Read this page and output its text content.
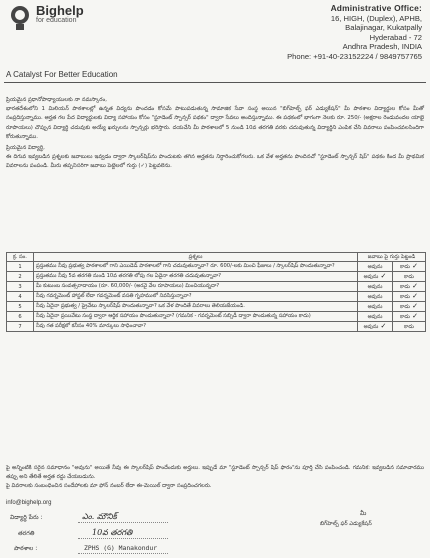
Bighelp
for education
Administrative Office:
16, HIGH, (Duplex), APHB,
Balajinagar, Kukatpally
Hyderabad - 72
Andhra Pradesh, INDIA
Phone: +91-40-23152224 / 9849757765
A Catalyst For Better Education

ప్రియమైన ప్రధానోపాధ్యాయులకు నా నమస్కారం,

భారతదేశంలోని 1 మిలియన్ పాఠశాలల్లో ఉన్నత విద్యను పొందడం కోసమే పాటుపడుతున్న సామాజిక సేవా సంస్థ అయిన "బిగ్‌హెల్ప్ ఫర్ ఎడ్యుకేషన్" మీ పాఠశాల విద్యార్థుల కోసం మీతో సంప్రదిస్తున్నాము. అర్హత గల పేద విద్యార్థులకు విద్యా సహాయం కోసం "స్టూడెంట్ స్పాన్సర్ పథకం" ద్వారా సేవలు అందిస్తున్నాము. ఈ పథకంలో భాగంగా నెలకు రూ. 250/- (అక్షరాల రెండువందల యాభై రూపాయలు) చొప్పున విద్యార్థి చదువుకు అయ్యే ఖర్చులను స్పాన్సర్లు భరిస్తారు. దయచేసి మీ పాఠశాలలో 5 నుండి 10వ తరగతి వరకు చదువుతున్న విద్యార్థిని ఎంపిక చేసి వివరాలు పంపించవలసిందిగా కోరుతున్నాము.

ప్రియమైన విద్యార్థి,

ఈ దిగువ ఇవ్వబడిన ప్రశ్నలకు జవాబులు ఇవ్వడం ద్వారా స్కాలర్‌షిప్‌ను పొందుటకు తగిన అర్హతను నిర్ధారించుకోగలరు. ఒక వేళ అర్హతను పొందినచో "స్టూడెంట్ స్పాన్సర్ షిప్" పథకం కింద మీ ప్రాథమిక వివరాలను పంపండి. మీరు తప్పనిసరిగా జవాబు పెట్టెలలో గుర్తు (✓) పెట్టవలెను.

క్ర. సం.	ప్రశ్నలు	జవాబు పై గుర్తు పెట్టండి	
1	ప్రస్తుతము నీవు ప్రభుత్వ పాఠశాలలో గాని ఎయిడెడ్ పాఠశాలలో గాని చదువుతున్నావా? రూ. 600/-లకు మించి ఫీజులు / స్కాలర్‌షిప్ పొందుతున్నావా?	అవును	కాదు ✓
2	ప్రస్తుతము నీవు 5వ తరగతి నుండి 10వ తరగతి లోపు గల ఏదైనా తరగతి చదువుతున్నావా?	అవును ✓	కాదు
3	మీ కుటుంబ సంవత్సరాదాయం (రూ. 60,000/- (అరవై వేల రూపాయలు) మించియున్నదా?	అవును	కాదు ✓
4	నీవు గవర్నమెంట్ హాస్టల్ లేదా గవర్నమెంట్ వసతి గృహములో నివసిస్తున్నావా?	అవును	కాదు ✓
5	నీవు ఏదైనా ప్రభుత్వ / ప్రైవేటు స్కాలర్‌షిప్ పొందుతున్నావా? ఒక వేళ పొందితే వివరాలు తెలియజేయండి.	అవును	కాదు ✓
6	నీవు ఏదైనా ప్రయివేటు సంస్థ ద్వారా ఆర్థిక సహాయం పొందుతున్నావా? (గమనిక - గవర్నమెంట్ సబ్సిడీ ద్వారా పొందుతున్న సహాయం కాదు)	అవును	కాదు ✓
7	నీవు గత పరీక్షలో కనీసం 40% మార్కులు సాధించావా?	అవును ✓	కాదు

పై అన్నింటికి సరైన సమాధానం "అవును" అయితే నీవు ఈ స్కాలర్‌షిప్ పొందేందుకు అర్హులు. ఇప్పుడే మా "స్టూడెంట్ స్పాన్సర్ షిప్ ఫారం"ను పూర్తి చేసి పంపించండి. గమనిక: ఇవ్వబడిన సమాచారము తప్పు అని తేలితే అర్హత రద్దు చేయబడును.

పై వివరాలకు సంబంధించిన సందేహాలకు మా ఫోన్ నంబర్ లేదా ఈ-మెయిల్ ద్వారా సంప్రదించగలరు.

info@bighelp.org
విద్యార్థి పేరు :	ఎం. మౌనిక్	మీ
బిగ్‌హెల్ప్ ఫర్ ఎడ్యుకేషన్
తరగతి	10వ తరగతి
పాఠశాల :	ZPHS (G) Manakondur
